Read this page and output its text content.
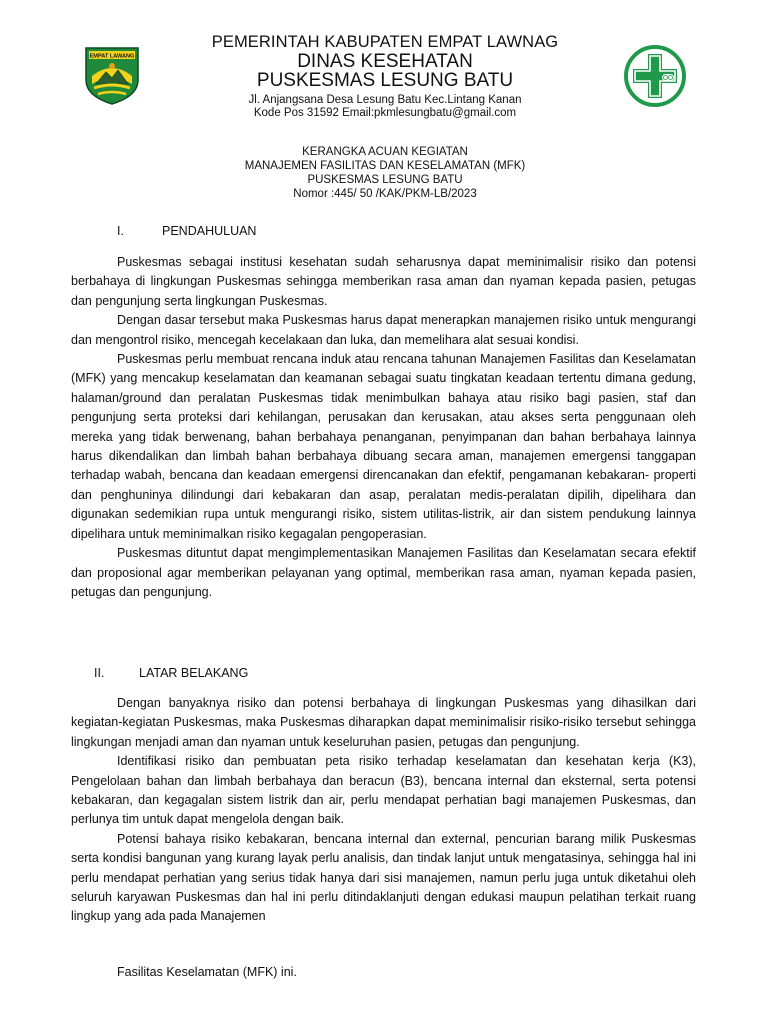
EMPAT LAWANG
PEMERINTAH KABUPATEN EMPAT LAWNAG
DINAS KESEHATAN
PUSKESMAS LESUNG BATU
Jl. Anjangsana Desa Lesung Batu Kec.Lintang Kanan
Kode Pos 31592 Email:pkmlesungbatu@gmail.com
KERANGKA ACUAN KEGIATAN
MANAJEMEN FASILITAS DAN KESELAMATAN (MFK)
PUSKESMAS LESUNG BATU
Nomor :445/ 50 /KAK/PKM-LB/2023
I.	PENDAHULUAN

Puskesmas sebagai institusi kesehatan sudah seharusnya dapat meminimalisir risiko dan potensi berbahaya di lingkungan Puskesmas sehingga memberikan rasa aman dan nyaman kepada pasien, petugas dan pengunjung serta lingkungan Puskesmas.

Dengan dasar tersebut maka Puskesmas harus dapat menerapkan manajemen risiko untuk mengurangi dan mengontrol risiko, mencegah kecelakaan dan luka, dan memelihara alat sesuai kondisi.

Puskesmas perlu membuat rencana induk atau rencana tahunan Manajemen Fasilitas dan Keselamatan (MFK) yang mencakup keselamatan dan keamanan sebagai suatu tingkatan keadaan tertentu dimana gedung, halaman/ground dan peralatan Puskesmas tidak menimbulkan bahaya atau risiko bagi pasien, staf dan pengunjung serta proteksi dari kehilangan, perusakan dan kerusakan, atau akses serta penggunaan oleh mereka yang tidak berwenang, bahan berbahaya penanganan, penyimpanan dan bahan berbahaya lainnya harus dikendalikan dan limbah bahan berbahaya dibuang secara aman, manajemen emergensi tanggapan terhadap wabah, bencana dan keadaan emergensi direncanakan dan efektif, pengamanan kebakaran- properti dan penghuninya dilindungi dari kebakaran dan asap, peralatan medis-peralatan dipilih, dipelihara dan digunakan sedemikian rupa untuk mengurangi risiko, sistem utilitas-listrik, air dan sistem pendukung lainnya dipelihara untuk meminimalkan risiko kegagalan pengoperasian.

Puskesmas dituntut dapat mengimplementasikan Manajemen Fasilitas dan Keselamatan secara efektif dan proposional agar memberikan pelayanan yang optimal, memberikan rasa aman, nyaman kepada pasien, petugas dan pengunjung.

II.	LATAR BELAKANG

Dengan banyaknya risiko dan potensi berbahaya di lingkungan Puskesmas yang dihasilkan dari kegiatan-kegiatan Puskesmas, maka Puskesmas diharapkan dapat meminimalisir risiko-risiko tersebut sehingga lingkungan menjadi aman dan nyaman untuk keseluruhan pasien, petugas dan pengunjung.

Identifikasi risiko dan pembuatan peta risiko terhadap keselamatan dan kesehatan kerja (K3), Pengelolaan bahan dan limbah berbahaya dan beracun (B3), bencana internal dan eksternal, serta potensi kebakaran, dan kegagalan sistem listrik dan air, perlu mendapat perhatian bagi manajemen Puskesmas, dan perlunya tim untuk dapat mengelola dengan baik.

Potensi bahaya risiko kebakaran, bencana internal dan external, pencurian barang milik Puskesmas serta kondisi bangunan yang kurang layak perlu analisis, dan tindak lanjut untuk mengatasinya, sehingga hal ini perlu mendapat perhatian yang serius tidak hanya dari sisi manajemen, namun perlu juga untuk diketahui oleh seluruh karyawan Puskesmas dan hal ini perlu ditindaklanjuti dengan edukasi maupun pelatihan terkait ruang lingkup yang ada pada Manajemen

Fasilitas Keselamatan (MFK) ini.
